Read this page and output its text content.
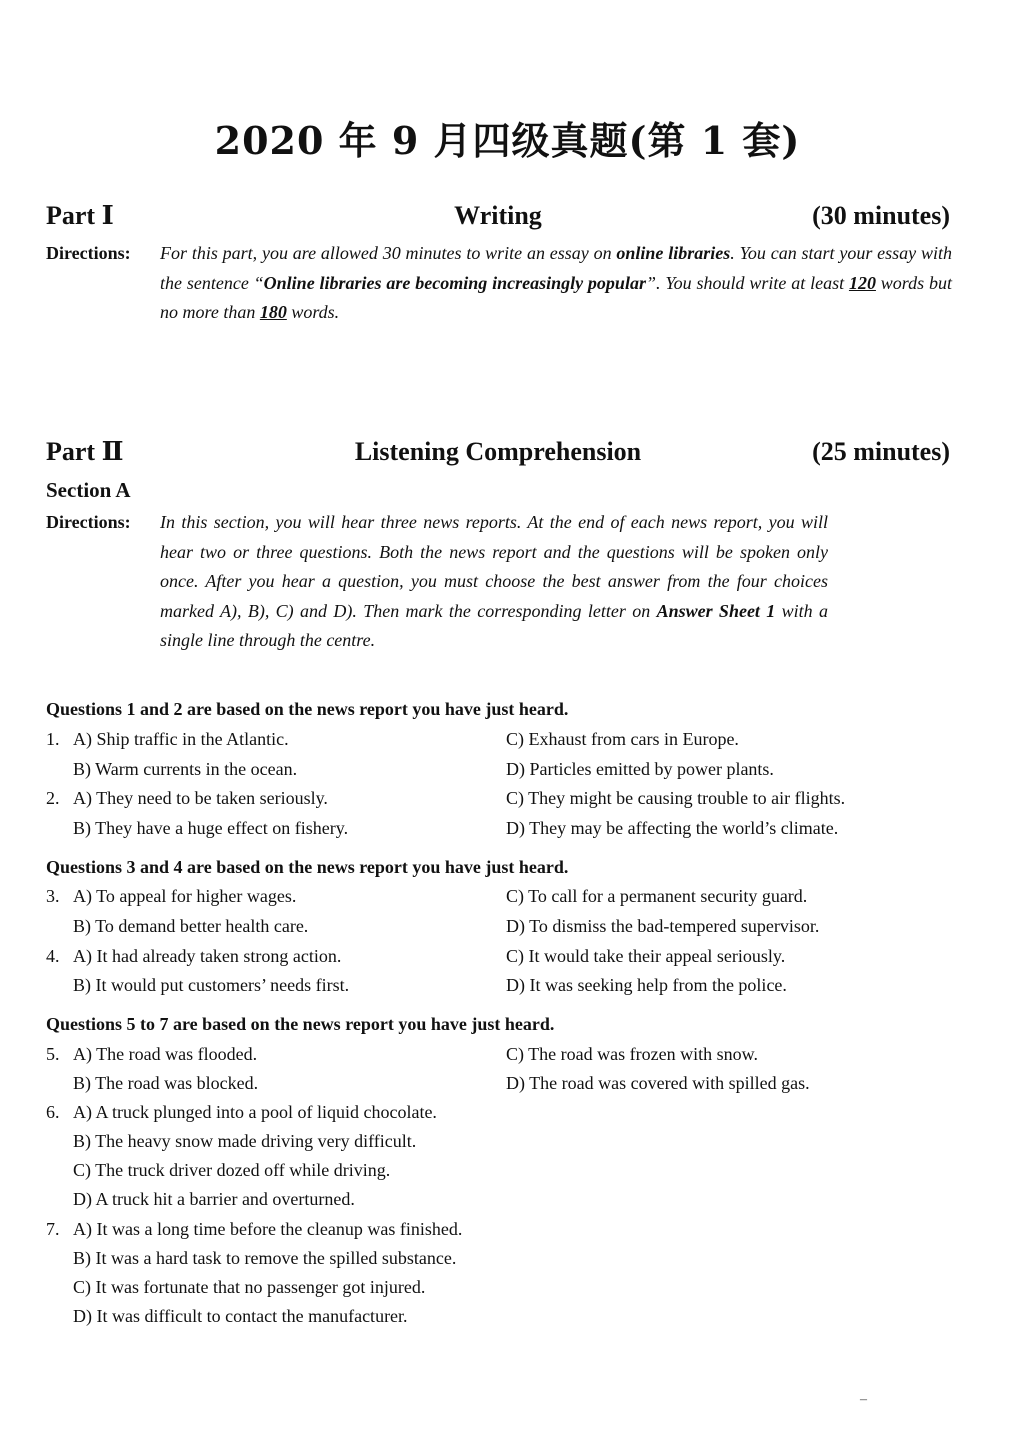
2020 年 9 月四级真题(第 1 套)
Writing
Part Ⅰ	(30 minutes)
Directions: For this part, you are allowed 30 minutes to write an essay on online libraries. You can start your essay with the sentence “Online libraries are becoming increasingly popular”. You should write at least 120 words but no more than 180 words.
Listening Comprehension
Part Ⅱ	(25 minutes)
Section A
Directions: In this section, you will hear three news reports. At the end of each news report, you will hear two or three questions. Both the news report and the questions will be spoken only once. After you hear a question, you must choose the best answer from the four choices marked A), B), C) and D). Then mark the corresponding letter on Answer Sheet 1 with a single line through the centre.
Questions 1 and 2 are based on the news report you have just heard.
1. A) Ship traffic in the Atlantic.
B) Warm currents in the ocean.
C) Exhaust from cars in Europe.
D) Particles emitted by power plants.
2. A) They need to be taken seriously.
B) They have a huge effect on fishery.
C) They might be causing trouble to air flights.
D) They may be affecting the world’s climate.
Questions 3 and 4 are based on the news report you have just heard.
3. A) To appeal for higher wages.
B) To demand better health care.
C) To call for a permanent security guard.
D) To dismiss the bad-tempered supervisor.
4. A) It had already taken strong action.
B) It would put customers’ needs first.
C) It would take their appeal seriously.
D) It was seeking help from the police.
Questions 5 to 7 are based on the news report you have just heard.
5. A) The road was flooded.
B) The road was blocked.
C) The road was frozen with snow.
D) The road was covered with spilled gas.
6. A) A truck plunged into a pool of liquid chocolate.
B) The heavy snow made driving very difficult.
C) The truck driver dozed off while driving.
D) A truck hit a barrier and overturned.
7. A) It was a long time before the cleanup was finished.
B) It was a hard task to remove the spilled substance.
C) It was fortunate that no passenger got injured.
D) It was difficult to contact the manufacturer.
–
